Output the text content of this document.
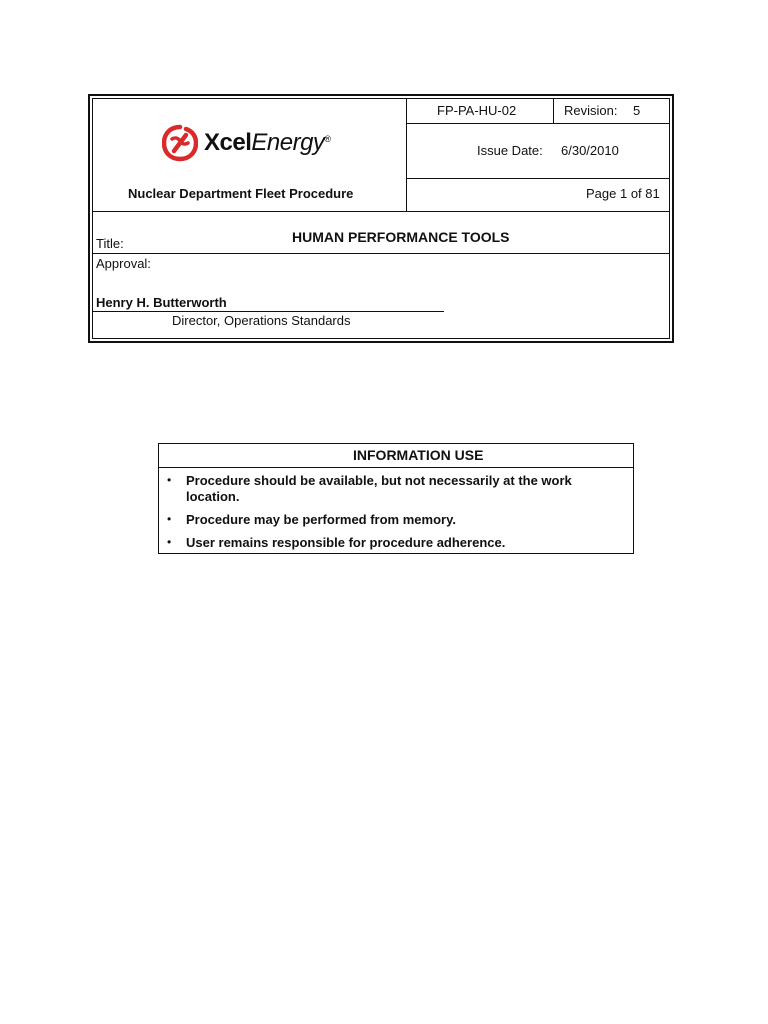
XcelEnergy®
FP-PA-HU-02	Revision: 5
Issue Date: 6/30/2010
Nuclear Department Fleet Procedure	Page 1 of 81
Title:	HUMAN PERFORMANCE TOOLS
Approval:
Henry H. Butterworth
Director, Operations Standards
INFORMATION USE
• Procedure should be available, but not necessarily at the work location.
• Procedure may be performed from memory.
• User remains responsible for procedure adherence.
